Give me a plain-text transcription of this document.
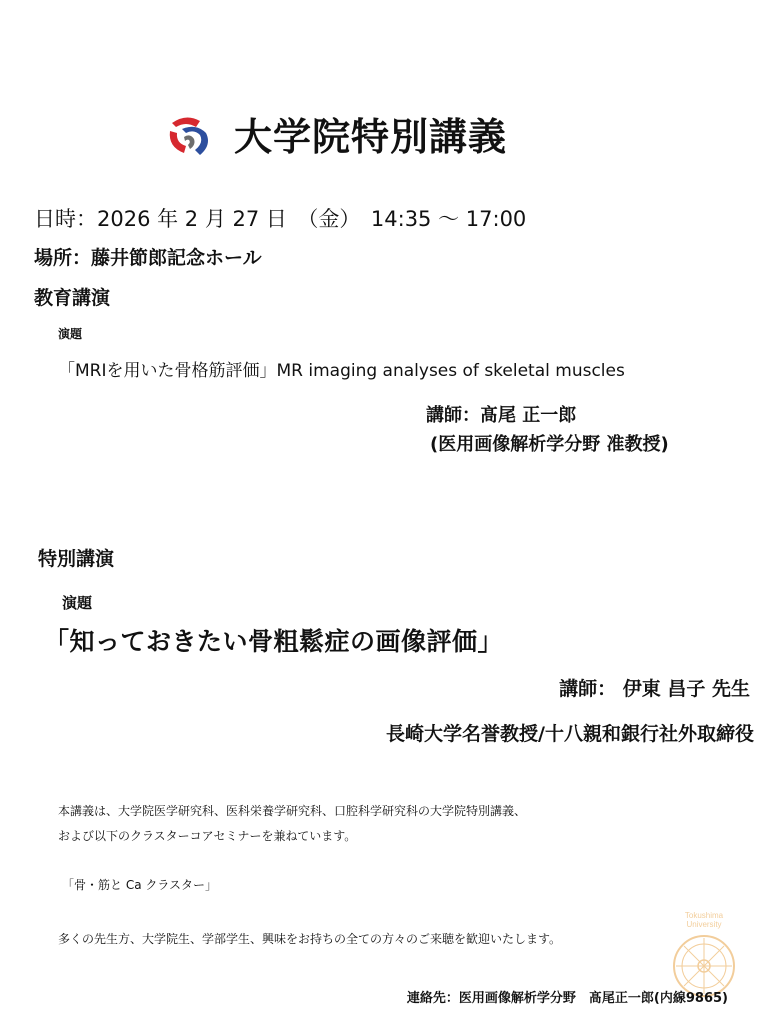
大学院特別講義
日時：2026 年 2 月 27 日　（金）　14:35 〜 17:00
場所：藤井節郎記念ホール
教育講演
演題
「MRIを用いた骨格筋評価」MR imaging analyses of skeletal muscles
講師：髙尾 正一郎
(医用画像解析学分野 准教授)
特別講演
演題
「知っておきたい骨粗鬆症の画像評価」
講師： 伊東 昌子 先生
長崎大学名誉教授/十八親和銀行社外取締役
本講義は、大学院医学研究科、医科栄養学研究科、口腔科学研究科の大学院特別講義、
および以下のクラスターコアセミナーを兼ねています。
「骨・筋と Ca クラスター」
多くの先生方、大学院生、学部学生、興味をお持ちの全ての方々のご来聴を歓迎いたします。
Tokushima
University
連絡先：医用画像解析学分野　髙尾正一郎(内線9865)
